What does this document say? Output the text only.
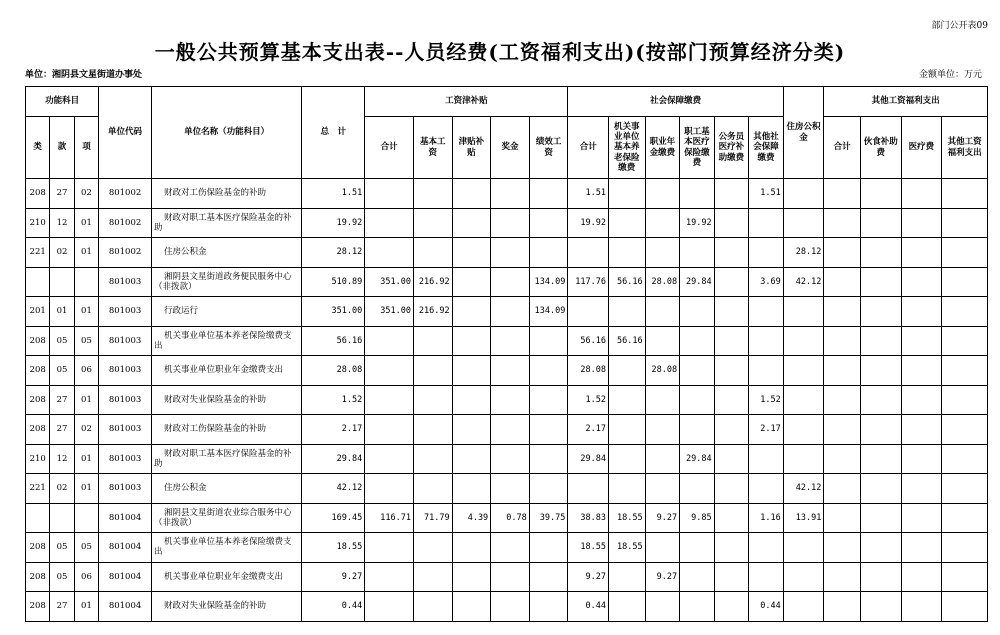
部门公开表09
一般公共预算基本支出表--人员经费(工资福利支出)(按部门预算经济分类)
单位：湘阴县文星街道办事处	金额单位：万元
功能科目			单位代码	单位名称（功能科目）	总　计	工资津补贴					社会保障缴费						住房公积金	其他工资福利支出			
类	款	项				合计	基本工资	津贴补贴	奖金	绩效工资	合计	机关事业单位基本养老保险缴费	职业年金缴费	职工基本医疗保险缴费	公务员医疗补助缴费	其他社会保障缴费		合计	伙食补助费	医疗费	其他工资福利支出
208	27	02	801002	财政对工伤保险基金的补助	1.51						1.51					1.51					
210	12	01	801002	财政对职工基本医疗保险基金的补助	19.92						19.92			19.92							
221	02	01	801002	住房公积金	28.12												28.12				
			801003	湘阴县文星街道政务便民服务中心（非拨款）	510.89	351.00	216.92			134.09	117.76	56.16	28.08	29.84		3.69	42.12				
201	01	01	801003	行政运行	351.00	351.00	216.92			134.09											
208	05	05	801003	机关事业单位基本养老保险缴费支出	56.16						56.16	56.16									
208	05	06	801003	机关事业单位职业年金缴费支出	28.08						28.08		28.08								
208	27	01	801003	财政对失业保险基金的补助	1.52						1.52					1.52					
208	27	02	801003	财政对工伤保险基金的补助	2.17						2.17					2.17					
210	12	01	801003	财政对职工基本医疗保险基金的补助	29.84						29.84			29.84							
221	02	01	801003	住房公积金	42.12												42.12				
			801004	湘阴县文星街道农业综合服务中心（非拨款）	169.45	116.71	71.79	4.39	0.78	39.75	38.83	18.55	9.27	9.85		1.16	13.91				
208	05	05	801004	机关事业单位基本养老保险缴费支出	18.55						18.55	18.55									
208	05	06	801004	机关事业单位职业年金缴费支出	9.27						9.27		9.27								
208	27	01	801004	财政对失业保险基金的补助	0.44						0.44					0.44					
